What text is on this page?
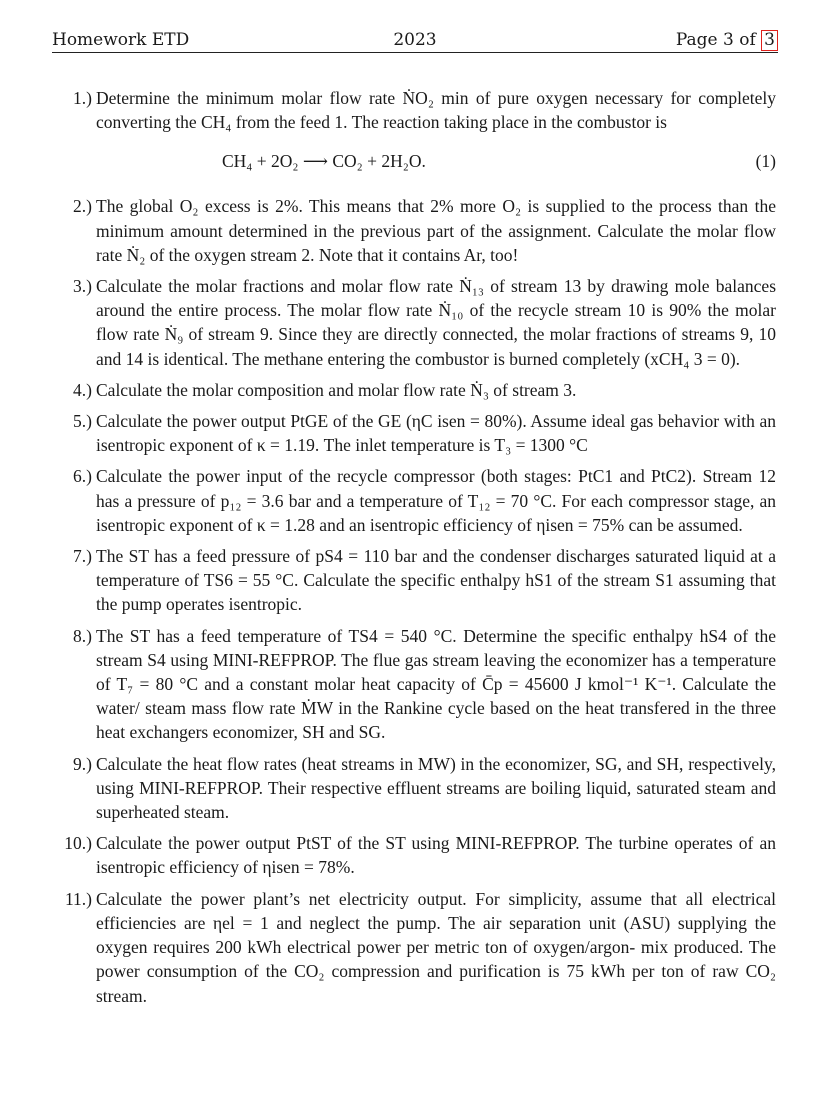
Homework ETD	2023	Page 3 of 3
1.) Determine the minimum molar flow rate ṄO₂ min of pure oxygen necessary for completely converting the CH₄ from the feed 1. The reaction taking place in the combustor is
CH₄ + 2O₂ ⟶ CO₂ + 2H₂O.	(1)
2.) The global O₂ excess is 2%. This means that 2% more O₂ is supplied to the process than the minimum amount determined in the previous part of the assignment. Calculate the molar flow rate Ṅ₂ of the oxygen stream 2. Note that it contains Ar, too!
3.) Calculate the molar fractions and molar flow rate Ṅ₁₃ of stream 13 by drawing mole balances around the entire process. The molar flow rate Ṅ₁₀ of the recycle stream 10 is 90% the molar flow rate Ṅ₉ of stream 9. Since they are directly connected, the molar fractions of streams 9, 10 and 14 is identical. The methane entering the combustor is burned completely (xCH₄ 3 = 0).
4.) Calculate the molar composition and molar flow rate Ṅ₃ of stream 3.
5.) Calculate the power output PtGE of the GE (ηC isen = 80%). Assume ideal gas behavior with an isentropic exponent of κ = 1.19. The inlet temperature is T₃ = 1300 °C
6.) Calculate the power input of the recycle compressor (both stages: PtC1 and PtC2). Stream 12 has a pressure of p₁₂ = 3.6 bar and a temperature of T₁₂ = 70 °C. For each compressor stage, an isentropic exponent of κ = 1.28 and an isentropic efficiency of ηisen = 75% can be assumed.
7.) The ST has a feed pressure of pS4 = 110 bar and the condenser discharges saturated liquid at a temperature of TS6 = 55 °C. Calculate the specific enthalpy hS1 of the stream S1 assuming that the pump operates isentropic.
8.) The ST has a feed temperature of TS4 = 540 °C. Determine the specific enthalpy hS4 of the stream S4 using MINI-REFPROP. The flue gas stream leaving the economizer has a temperature of T₇ = 80 °C and a constant molar heat capacity of C̄p = 45600 J kmol⁻¹ K⁻¹. Calculate the water/ steam mass flow rate ṀW in the Rankine cycle based on the heat transfered in the three heat exchangers economizer, SH and SG.
9.) Calculate the heat flow rates (heat streams in MW) in the economizer, SG, and SH, respectively, using MINI-REFPROP. Their respective effluent streams are boiling liquid, saturated steam and superheated steam.
10.) Calculate the power output PtST of the ST using MINI-REFPROP. The turbine operates of an isentropic efficiency of ηisen = 78%.
11.) Calculate the power plant’s net electricity output. For simplicity, assume that all electrical efficiencies are ηel = 1 and neglect the pump. The air separation unit (ASU) supplying the oxygen requires 200 kWh electrical power per metric ton of oxygen/argon- mix produced. The power consumption of the CO₂ compression and purification is 75 kWh per ton of raw CO₂ stream.
